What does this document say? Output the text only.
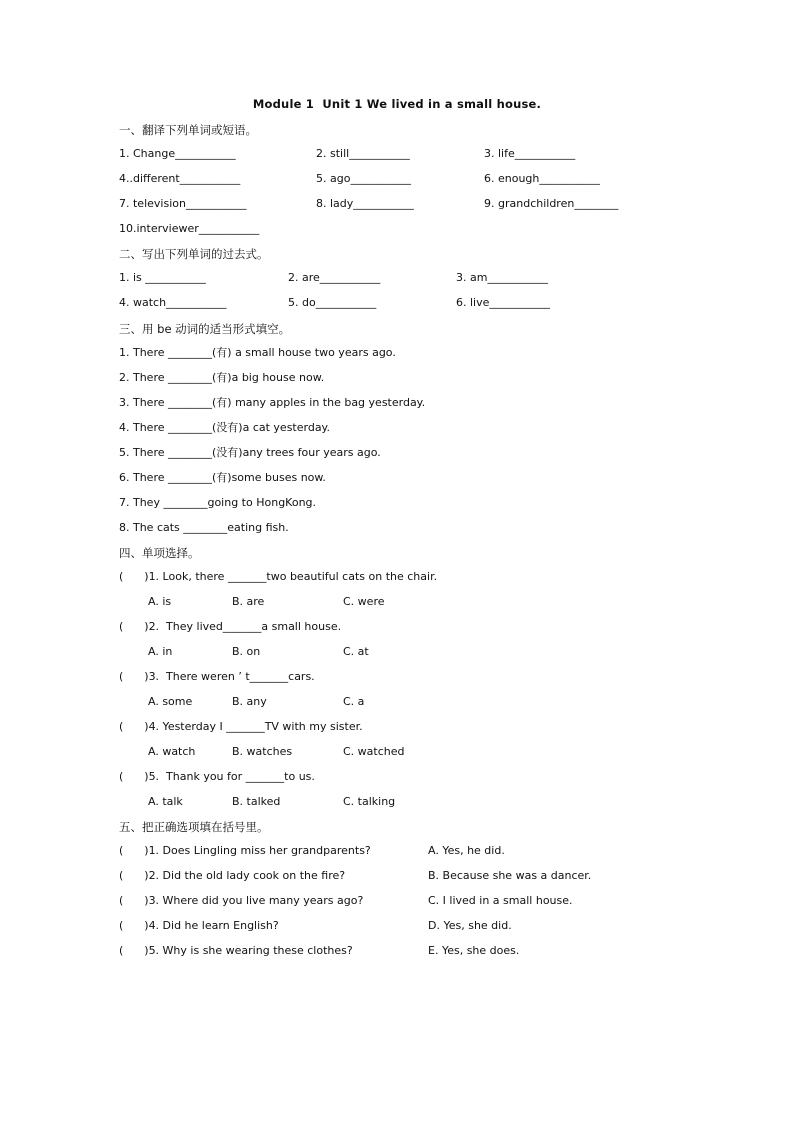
Module 1  Unit 1 We lived in a small house.
一、翻译下列单词或短语。
1. Change___________	2. still___________	3. life___________
4..different___________	5. ago___________	6. enough___________
7. television___________	8. lady___________	9. grandchildren________
10.interviewer___________
二、写出下列单词的过去式。
1. is ___________	2. are___________	3. am___________
4. watch___________	5. do___________	6. live___________
三、用 be 动词的适当形式填空。
1. There ________(有) a small house two years ago.
2. There ________(有)a big house now.
3. There ________(有) many apples in the bag yesterday.
4. There ________(没有)a cat yesterday.
5. There ________(没有)any trees four years ago.
6. There ________(有)some buses now.
7. They ________going to HongKong.
8. The cats ________eating fish.
四、单项选择。
(      )1. Look, there _______two beautiful cats on the chair.
A. is	B. are	C. were
(      )2.  They lived_______a small house.
A. in	B. on	C. at
(      )3.  There weren ’ t_______cars.
A. some	B. any	C. a
(      )4. Yesterday I _______TV with my sister.
A. watch	B. watches	C. watched
(      )5.  Thank you for _______to us.
A. talk	B. talked	C. talking
五、把正确选项填在括号里。
(      )1. Does Lingling miss her grandparents?	A. Yes, he did.
(      )2. Did the old lady cook on the fire?	B. Because she was a dancer.
(      )3. Where did you live many years ago?	C. I lived in a small house.
(      )4. Did he learn English?	D. Yes, she did.
(      )5. Why is she wearing these clothes?	E. Yes, she does.
